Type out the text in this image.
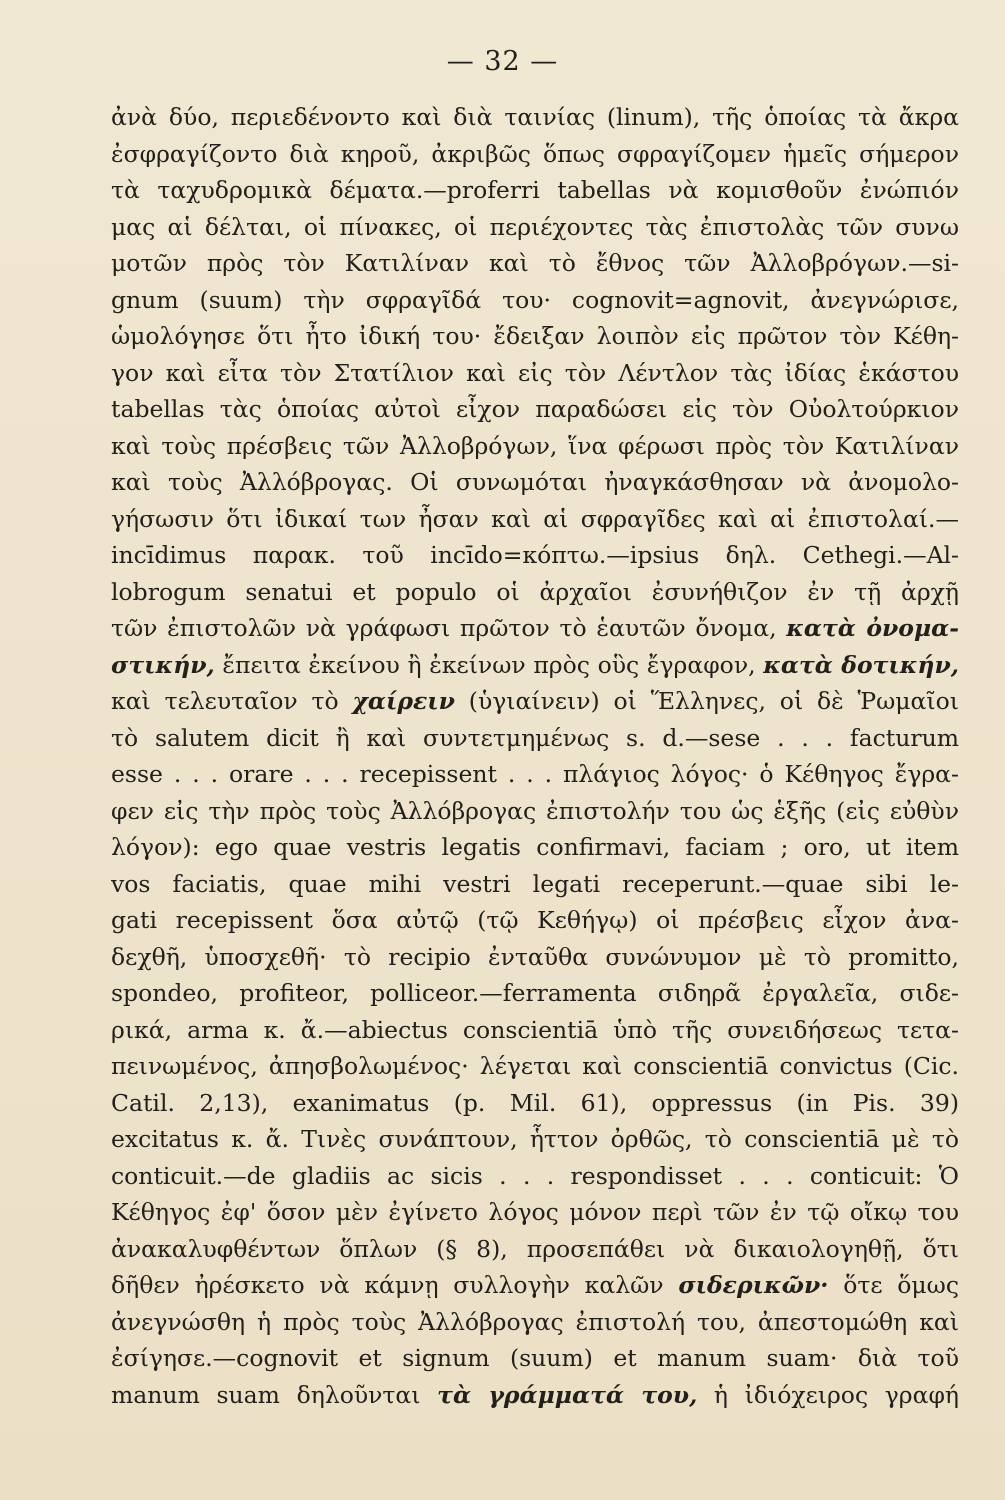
— 32 —
ἀνὰ δύο, περιεδένοντο καὶ διὰ ταινίας (linum), τῆς ὁποίας τὰ ἄκρα
ἐσφραγίζοντο διὰ κηροῦ, ἀκριβῶς ὅπως σφραγίζομεν ἡμεῖς σήμερον
τὰ ταχυδρομικὰ δέματα.—proferri tabellas νὰ κομισθοῦν ἐνώπιόν
μας αἱ δέλται, οἱ πίνακες, οἱ περιέχοντες τὰς ἐπιστολὰς τῶν συνω
μοτῶν πρὸς τὸν Κατιλίναν καὶ τὸ ἔθνος τῶν Ἀλλοβρόγων.—si-
gnum (suum) τὴν σφραγῖδά του· cognovit=agnovit, ἀνεγνώρισε,
ὡμολόγησε ὅτι ἦτο ἰδική του· ἔδειξαν λοιπὸν εἰς πρῶτον τὸν Κέθη-
γον καὶ εἶτα τὸν Στατίλιον καὶ εἰς τὸν Λέντλον τὰς ἰδίας ἑκάστου
tabellas τὰς ὁποίας αὐτοὶ εἶχον παραδώσει εἰς τὸν Οὐολτούρκιον
καὶ τοὺς πρέσβεις τῶν Ἀλλοβρόγων, ἵνα φέρωσι πρὸς τὸν Κατιλίναν
καὶ τοὺς Ἀλλόβρογας. Οἱ συνωμόται ἠναγκάσθησαν νὰ ἀνομολο-
γήσωσιν ὅτι ἰδικαί των ἦσαν καὶ αἱ σφραγῖδες καὶ αἱ ἐπιστολαί.—
incīdimus παρακ. τοῦ incīdo=κόπτω.—ipsius δηλ. Cethegi.—Al-
lobrogum senatui et populo οἱ ἀρχαῖοι ἐσυνήθιζον ἐν τῇ ἀρχῇ
τῶν ἐπιστολῶν νὰ γράφωσι πρῶτον τὸ ἑαυτῶν ὄνομα, κατὰ ὀνομα-
στικήν, ἔπειτα ἐκείνου ἢ ἐκείνων πρὸς οὓς ἔγραφον, κατὰ δοτικήν,
καὶ τελευταῖον τὸ χαίρειν (ὑγιαίνειν) οἱ Ἕλληνες, οἱ δὲ Ῥωμαῖοι
τὸ salutem dicit ἢ καὶ συντετμημένως s. d.—sese . . . facturum
esse . . . orare . . . recepissent . . . πλάγιος λόγος· ὁ Κέθηγος ἔγρα-
φεν εἰς τὴν πρὸς τοὺς Ἀλλόβρογας ἐπιστολήν του ὡς ἑξῆς (εἰς εὐθὺν
λόγον): ego quae vestris legatis confirmavi, faciam ; oro, ut item
vos faciatis, quae mihi vestri legati receperunt.—quae sibi le-
gati recepissent ὅσα αὐτῷ (τῷ Κεθήγῳ) οἱ πρέσβεις εἶχον ἀνα-
δεχθῆ, ὑποσχεθῆ· τὸ recipio ἐνταῦθα συνώνυμον μὲ τὸ promitto,
spondeo, profiteor, polliceor.—ferramenta σιδηρᾶ ἐργαλεῖα, σιδε-
ρικά, arma κ. ἄ.—abiectus conscientiā ὑπὸ τῆς συνειδήσεως τετα-
πεινωμένος, ἀπησβολωμένος· λέγεται καὶ conscientiā convictus (Cic.
Catil. 2,13), exanimatus (p. Mil. 61), oppressus (in Pis. 39)
excitatus κ. ἄ. Τινὲς συνάπτουν, ἧττον ὀρθῶς, τὸ conscientiā μὲ τὸ
conticuit.—de gladiis ac sicis . . . respondisset . . . conticuit: Ὁ
Κέθηγος ἐφ' ὅσον μὲν ἐγίνετο λόγος μόνον περὶ τῶν ἐν τῷ οἴκῳ του
ἀνακαλυφθέντων ὅπλων (§ 8), προσεπάθει νὰ δικαιολογηθῇ, ὅτι
δῆθεν ἠρέσκετο νὰ κάμνῃ συλλογὴν καλῶν σιδερικῶν· ὅτε ὅμως
ἀνεγνώσθη ἡ πρὸς τοὺς Ἀλλόβρογας ἐπιστολή του, ἀπεστομώθη καὶ
ἐσίγησε.—cognovit et signum (suum) et manum suam· διὰ τοῦ
manum suam δηλοῦνται τὰ γράμματά του, ἡ ἰδιόχειρος γραφή
